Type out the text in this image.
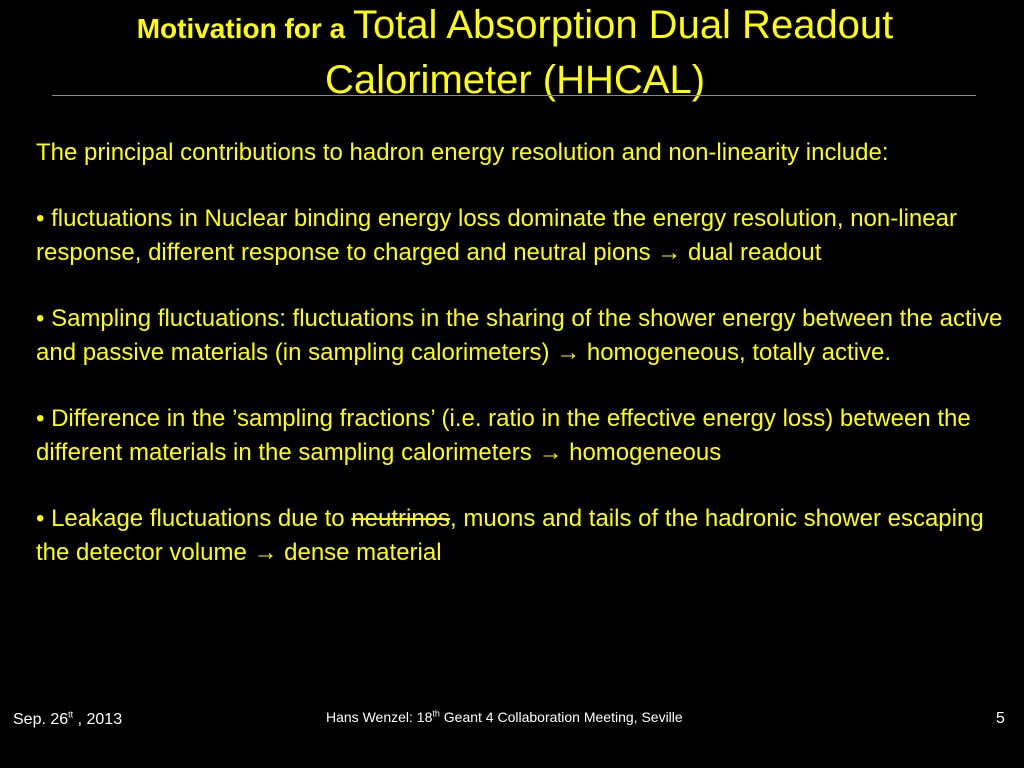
Motivation for a Total Absorption Dual Readout
Calorimeter (HHCAL)

The principal contributions to hadron energy resolution and non-linearity include:

• fluctuations in Nuclear binding energy loss dominate the energy resolution, non-linear response, different response to charged and neutral pions → dual readout

• Sampling fluctuations: fluctuations in the sharing of the shower energy between the active and passive materials (in sampling calorimeters) → homogeneous, totally active.

• Difference in the ’sampling fractions’ (i.e. ratio in the effective energy loss) between the different materials in the sampling calorimeters → homogeneous

• Leakage fluctuations due to neutrinos, muons and tails of the hadronic shower escaping the detector volume → dense material

Sep. $26^{tt}$ , 2013	Hans Wenzel: 18th Geant 4 Collaboration Meeting, Seville	5
